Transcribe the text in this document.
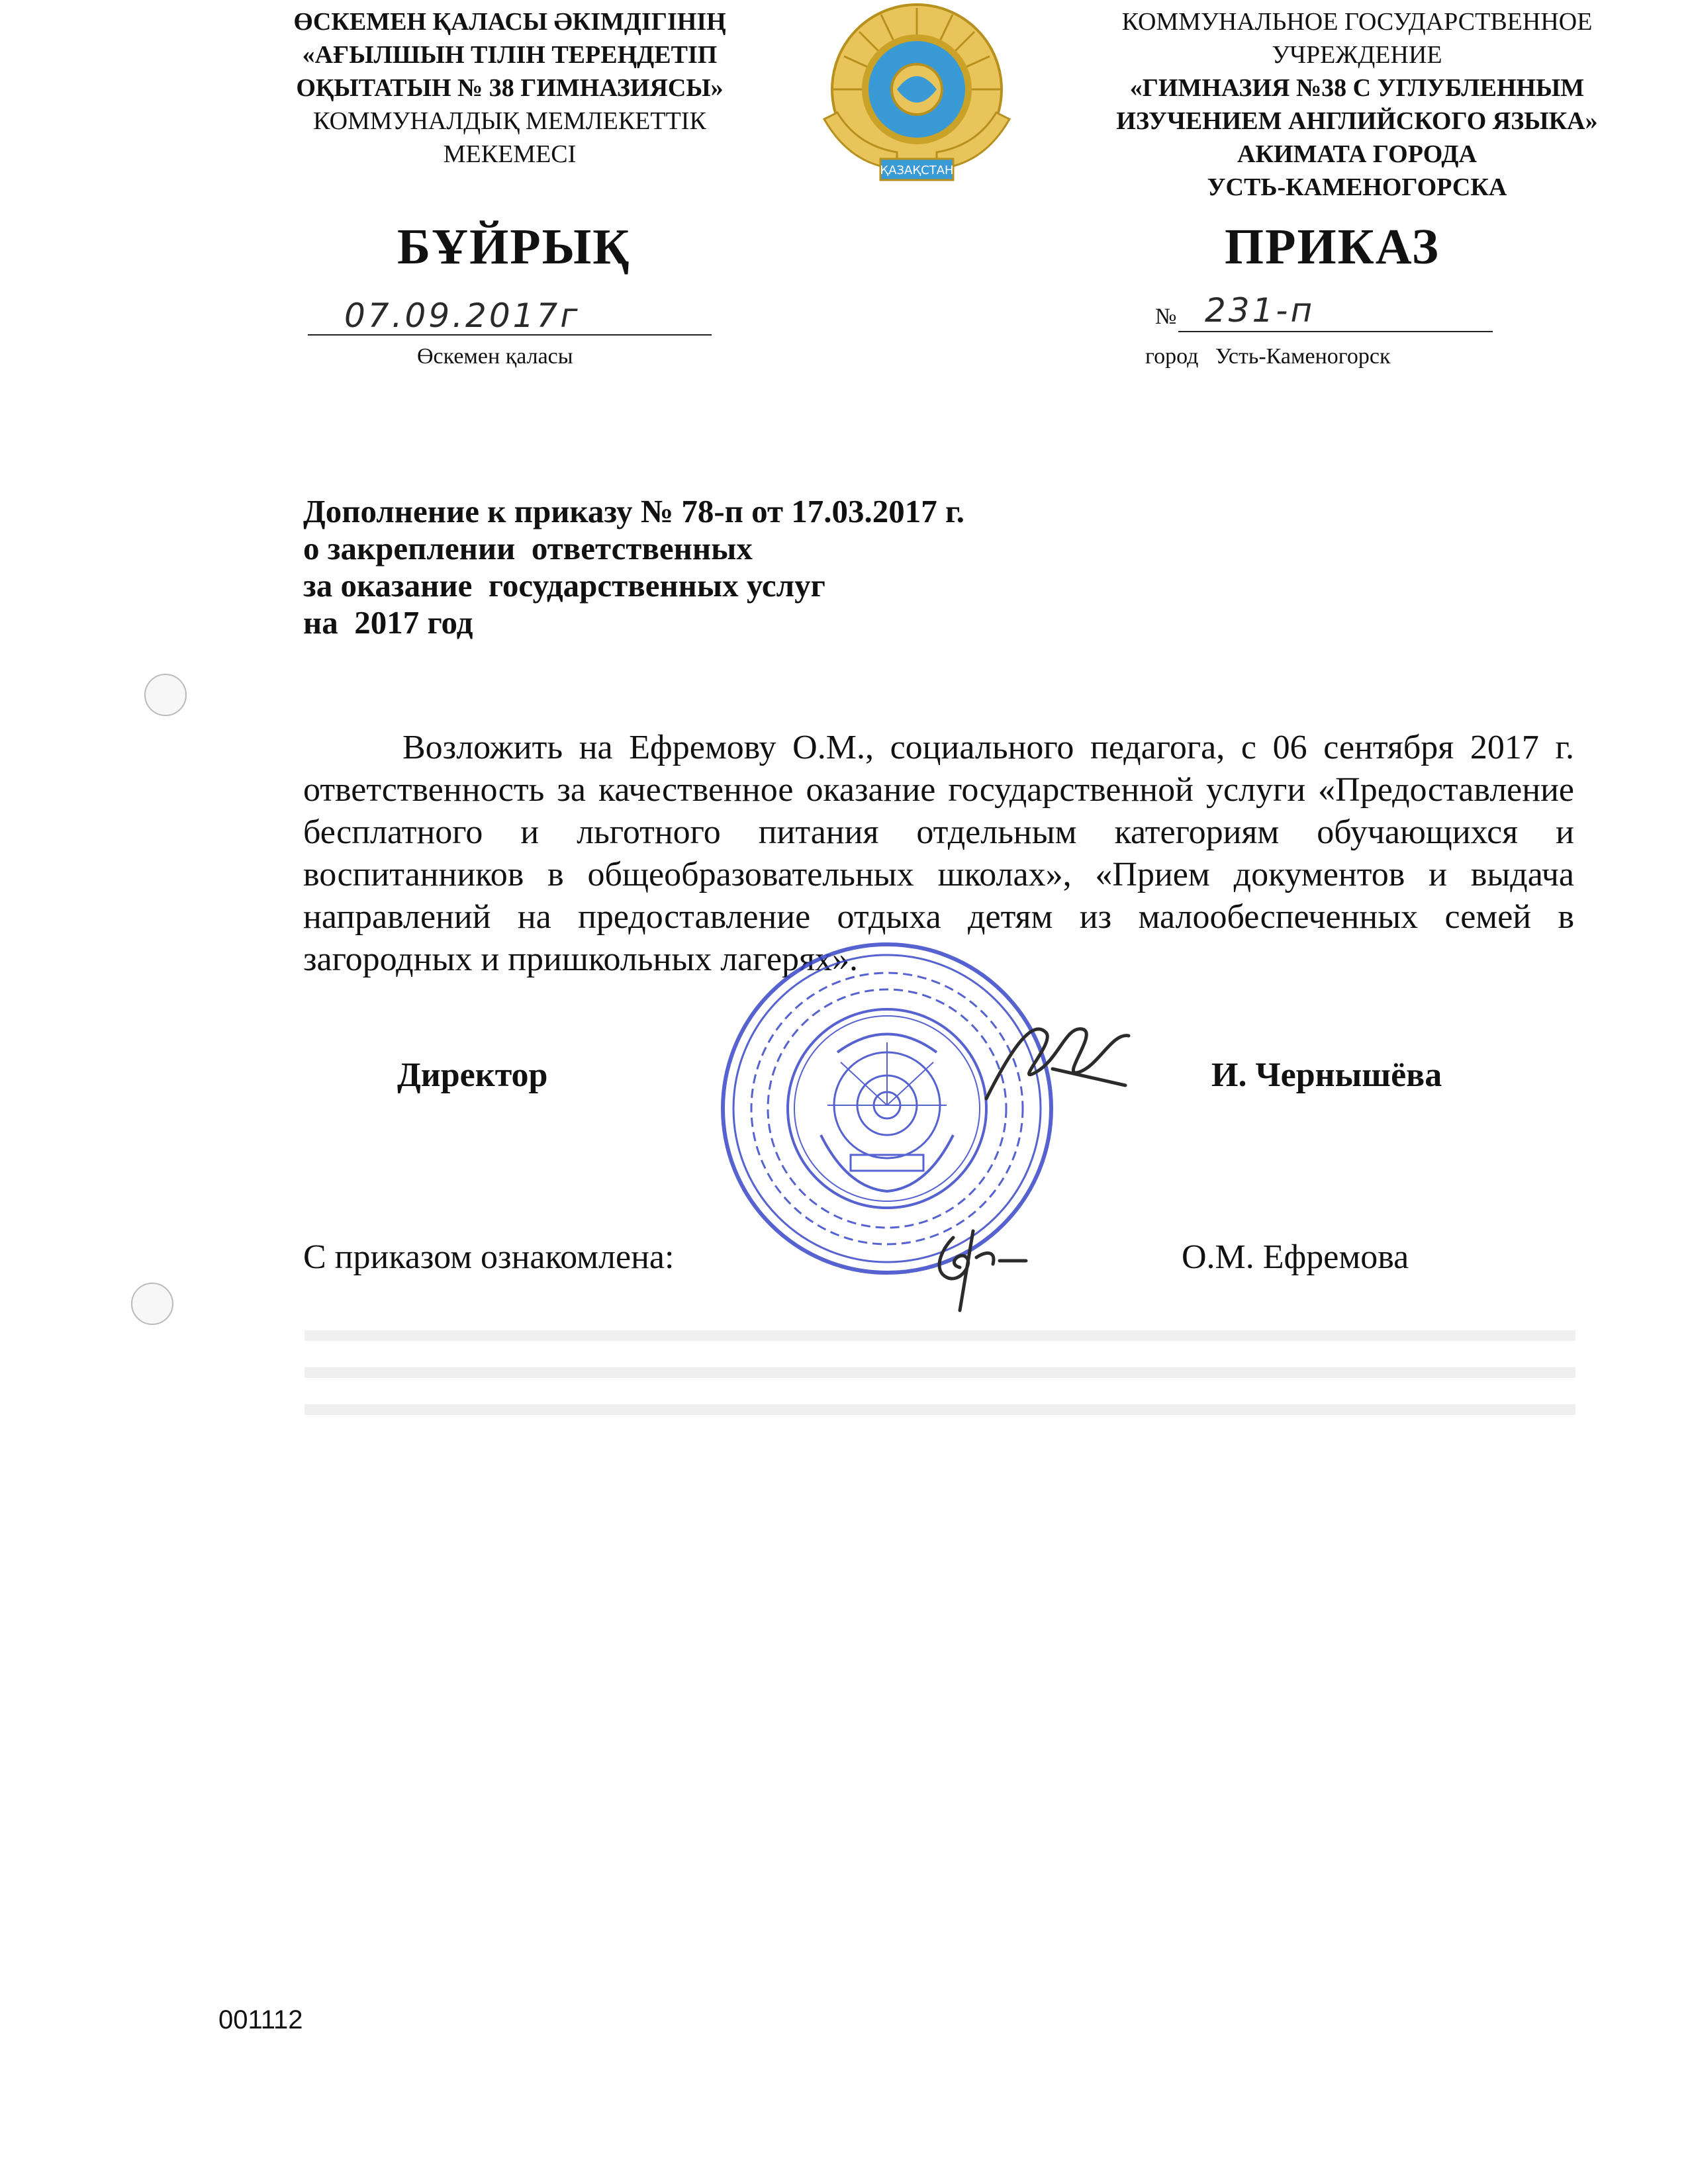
ӨСКЕМЕН ҚАЛАСЫ ӘКІМДІГІНІҢ
«АҒЫЛШЫН ТІЛІН ТЕРЕҢДЕТІП
ОҚЫТАТЫН № 38 ГИМНАЗИЯСЫ»
КОММУНАЛДЫҚ МЕМЛЕКЕТТІК
МЕКЕМЕСІ
ҚАЗАҚСТАН
КОММУНАЛЬНОЕ ГОСУДАРСТВЕННОЕ
УЧРЕЖДЕНИЕ
«ГИМНАЗИЯ №38 С УГЛУБЛЕННЫМ
ИЗУЧЕНИЕМ АНГЛИЙСКОГО ЯЗЫКА»
АКИМАТА ГОРОДА
УСТЬ-КАМЕНОГОРСКА
БҰЙРЫҚ	ПРИКАЗ
07.09.2017г
Өскемен қаласы
№ 231-п
город   Усть-Каменогорск
Дополнение к приказу № 78-п от 17.03.2017 г.
о закреплении  ответственных
за оказание  государственных услуг
на  2017 год
Возложить на Ефремову О.М., социального педагога, с 06 сентября 2017 г. ответственность за качественное оказание государственной услуги «Предоставление бесплатного и льготного питания отдельным категориям обучающихся и воспитанников в общеобразовательных школах», «Прием документов и выдача направлений на предоставление отдыха детям из малообеспеченных семей в загородных и пришкольных лагерях».
Директор	И. Чернышёва
С приказом ознакомлена:	О.М. Ефремова
001112
